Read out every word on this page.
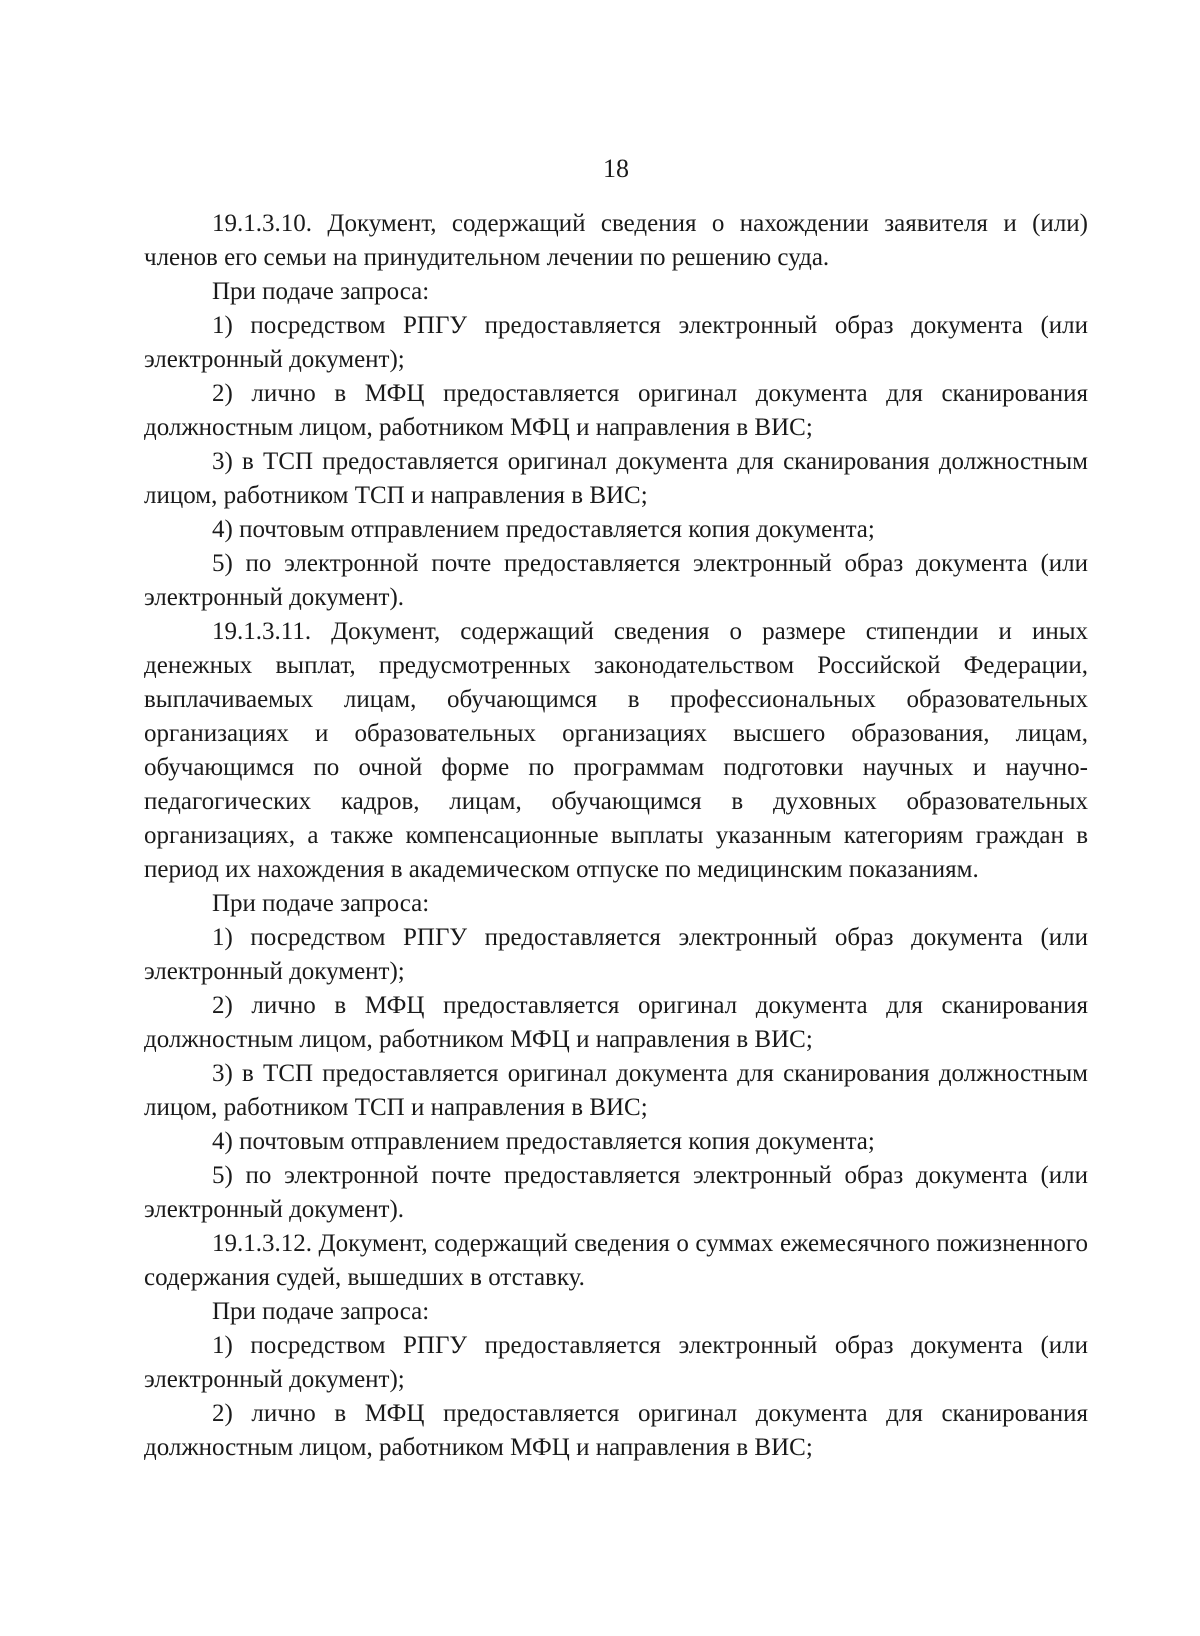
18

19.1.3.10. Документ, содержащий сведения о нахождении заявителя и (или) членов его семьи на принудительном лечении по решению суда.

При подаче запроса:

1) посредством РПГУ предоставляется электронный образ документа (или электронный документ);

2) лично в МФЦ предоставляется оригинал документа для сканирования должностным лицом, работником МФЦ и направления в ВИС;

3) в ТСП предоставляется оригинал документа для сканирования должностным лицом, работником ТСП и направления в ВИС;

4) почтовым отправлением предоставляется копия документа;

5) по электронной почте предоставляется электронный образ документа (или электронный документ).

19.1.3.11. Документ, содержащий сведения о размере стипендии и иных денежных выплат, предусмотренных законодательством Российской Федерации, выплачиваемых лицам, обучающимся в профессиональных образовательных организациях и образовательных организациях высшего образования, лицам, обучающимся по очной форме по программам подготовки научных и научно-педагогических кадров, лицам, обучающимся в духовных образовательных организациях, а также компенсационные выплаты указанным категориям граждан в период их нахождения в академическом отпуске по медицинским показаниям.

При подаче запроса:

1) посредством РПГУ предоставляется электронный образ документа (или электронный документ);

2) лично в МФЦ предоставляется оригинал документа для сканирования должностным лицом, работником МФЦ и направления в ВИС;

3) в ТСП предоставляется оригинал документа для сканирования должностным лицом, работником ТСП и направления в ВИС;

4) почтовым отправлением предоставляется копия документа;

5) по электронной почте предоставляется электронный образ документа (или электронный документ).

19.1.3.12. Документ, содержащий сведения о суммах ежемесячного пожизненного содержания судей, вышедших в отставку.

При подаче запроса:

1) посредством РПГУ предоставляется электронный образ документа (или электронный документ);

2) лично в МФЦ предоставляется оригинал документа для сканирования должностным лицом, работником МФЦ и направления в ВИС;
